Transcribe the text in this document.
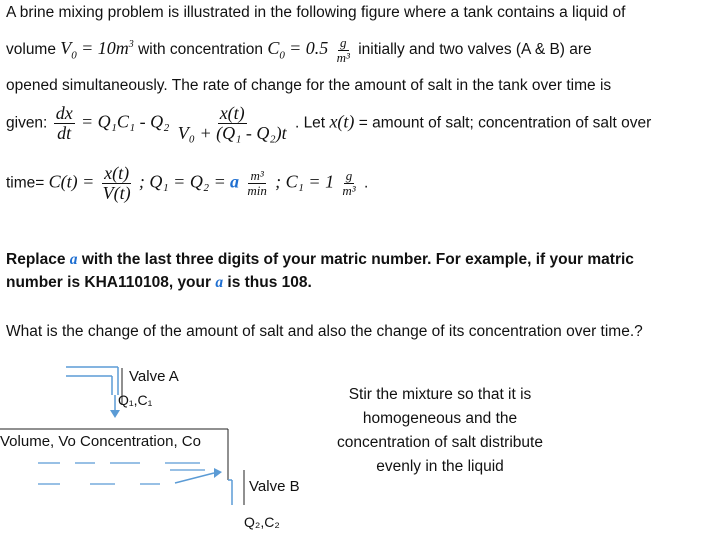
A brine mixing problem is illustrated in the following figure where a tank contains a liquid of
volume $V_0 = 10m^3$ with concentration $C_0 = 0.5 \frac{g}{\text{m³}}$ initially and two valves (A & B) are
opened simultaneously. The rate of change for the amount of salt in the tank over time is
given: $\frac{dx}{dt} = Q_1C_1 - Q_2 \frac{x(t)}{\text{V₀ + (Q₁ - Q₂)t}}$ . Let x(t) = amount of salt; concentration of salt over
time= $C(t) = \frac{x(t)}{V(t)}$ ; Q₁ = Q₂ = a $\frac{\text{m³}}{\min}$ ; $C_1 = 1 \frac{g}{\text{m³}}$ .
Replace a with the last three digits of your matric number. For example, if your matric
number is KHA110108, your a is thus 108.
What is the change of the amount of salt and also the change of its concentration over time.?
Valve A
Q₁,C₁
Volume, Vo Concentration, Co
Valve B
Q₂,C₂
Stir the mixture so that it is homogeneous and the concentration of salt distribute evenly in the liquid
